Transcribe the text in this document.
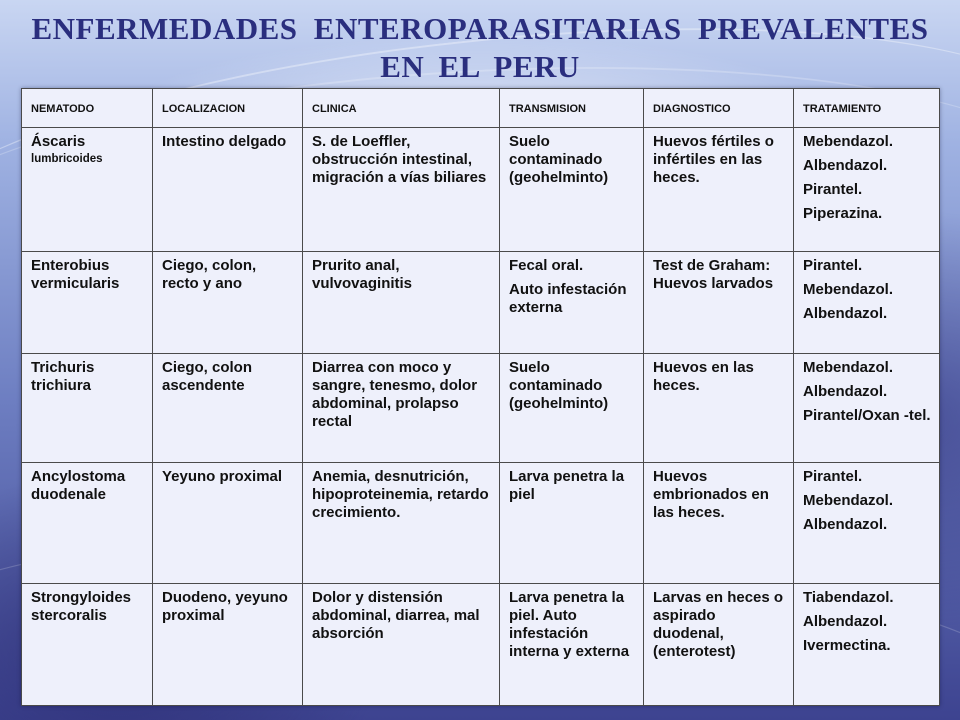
ENFERMEDADES ENTEROPARASITARIAS PREVALENTES
EN EL PERU
NEMATODO	LOCALIZACION	CLINICA	TRANSMISION	DIAGNOSTICO	TRATAMIENTO

Áscaris
lumbricoides	Intestino delgado	S. de Loeffler, obstrucción intestinal, migración a vías biliares	Suelo contaminado (geohelminto)	Huevos fértiles o infértiles en las heces.	Mebendazol.
Albendazol.
Pirantel.
Piperazina.

Enterobius vermicularis	Ciego, colon, recto y ano	Prurito anal, vulvovaginitis	Fecal oral.
Auto infestación externa	Test de Graham: Huevos larvados	Pirantel.
Mebendazol.
Albendazol.

Trichuris trichiura	Ciego, colon ascendente	Diarrea con moco y sangre, tenesmo, dolor abdominal, prolapso rectal	Suelo contaminado (geohelminto)	Huevos en las heces.	Mebendazol.
Albendazol.
Pirantel/Oxan -tel.

Ancylostoma duodenale	Yeyuno proximal	Anemia, desnutrición, hipoproteinemia, retardo crecimiento.	Larva penetra la piel	Huevos embrionados en las heces.	Pirantel.
Mebendazol.
Albendazol.

Strongyloides stercoralis	Duodeno, yeyuno proximal	Dolor y distensión abdominal, diarrea, mal absorción	Larva penetra la piel. Auto infestación interna y externa	Larvas en heces o aspirado duodenal, (enterotest)	Tiabendazol.
Albendazol.
Ivermectina.
